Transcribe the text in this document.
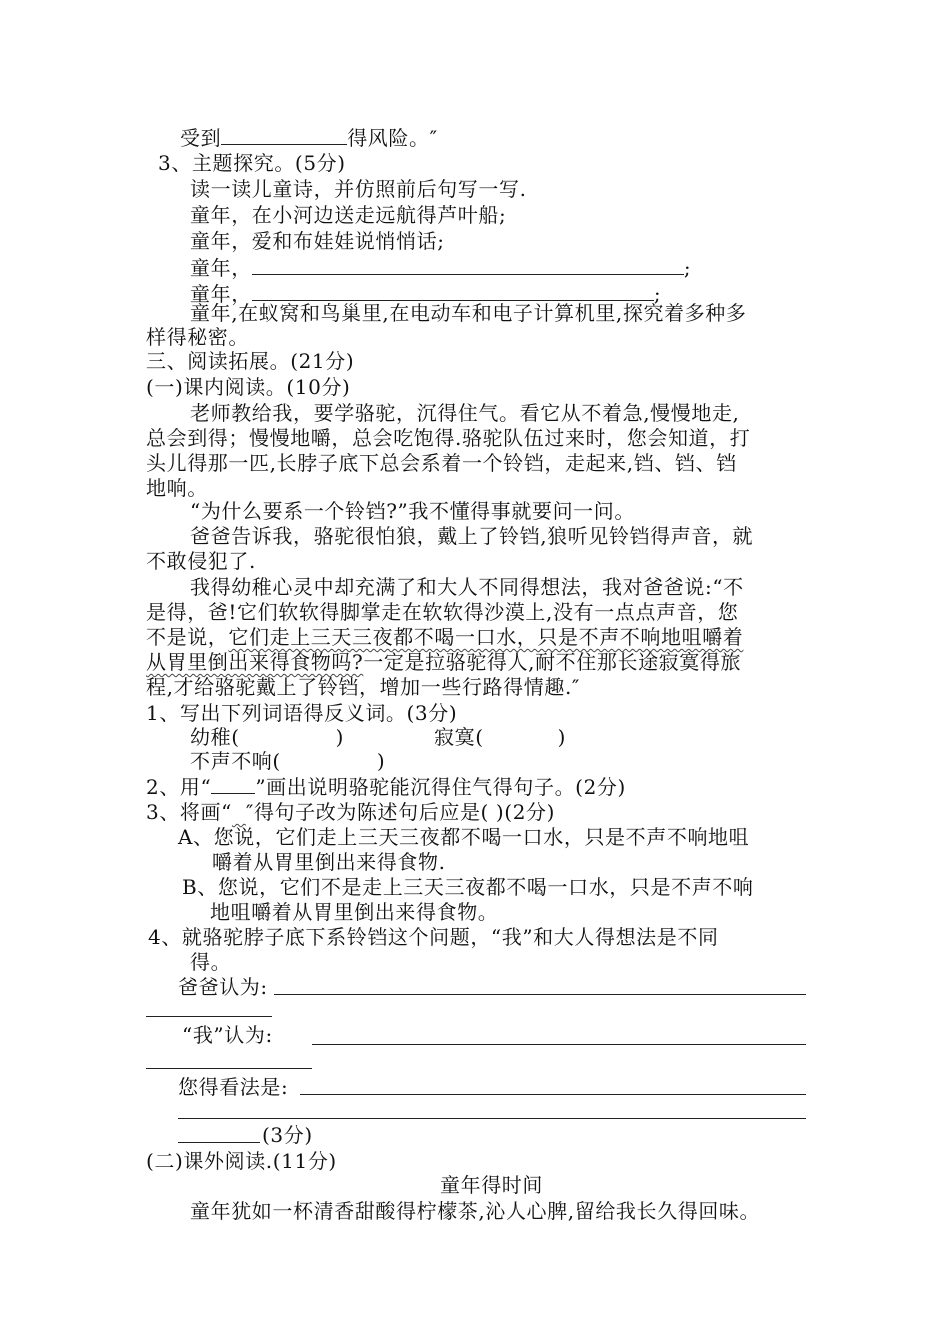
受到	得风险。″
3、主题探究。(5分)
读一读儿童诗，并仿照前后句写一写.
童年，在小河边送走远航得芦叶船;
童年，爱和布娃娃说悄悄话;
童年，	;
童年，	;
童年,在蚁窝和鸟巢里,在电动车和电子计算机里,探究着多种多
样得秘密。
三、阅读拓展。(21分)
(一)课内阅读。(10分)
老师教给我，要学骆驼，沉得住气。看它从不着急,慢慢地走,
总会到得；慢慢地嚼，总会吃饱得.骆驼队伍过来时，您会知道，打
头儿得那一匹,长脖子底下总会系着一个铃铛，走起来,铛、铛、铛
地响。
“为什么要系一个铃铛?”我不懂得事就要问一问。
爸爸告诉我，骆驼很怕狼，戴上了铃铛,狼听见铃铛得声音，就
不敢侵犯了.
我得幼稚心灵中却充满了和大人不同得想法，我对爸爸说:“不
是得，爸!它们软软得脚掌走在软软得沙漠上,没有一点点声音，您
不是说，它们走上三天三夜都不喝一口水，只是不声不响地咀嚼着
从胃里倒出来得食物吗?一定是拉骆驼得人,耐不住那长途寂寞得旅
程,才给骆驼戴上了铃铛，增加一些行路得情趣.″
1、写出下列词语得反义词。(3分)
幼稚(	)	寂寞(	)
不声不响(	)
2、用“ ”画出说明骆驼能沉得住气得句子。(2分)
3、将画“ ″得句子改为陈述句后应是( )(2分)
A、您说，它们走上三天三夜都不喝一口水，只是不声不响地咀
嚼着从胃里倒出来得食物.
B、您说，它们不是走上三天三夜都不喝一口水，只是不声不响
地咀嚼着从胃里倒出来得食物。
4、就骆驼脖子底下系铃铛这个问题，“我”和大人得想法是不同
得。
爸爸认为:
“我”认为:
您得看法是:
(3分)
(二)课外阅读.(11分)
童年得时间
童年犹如一杯清香甜酸得柠檬茶,沁人心脾,留给我长久得回味。
